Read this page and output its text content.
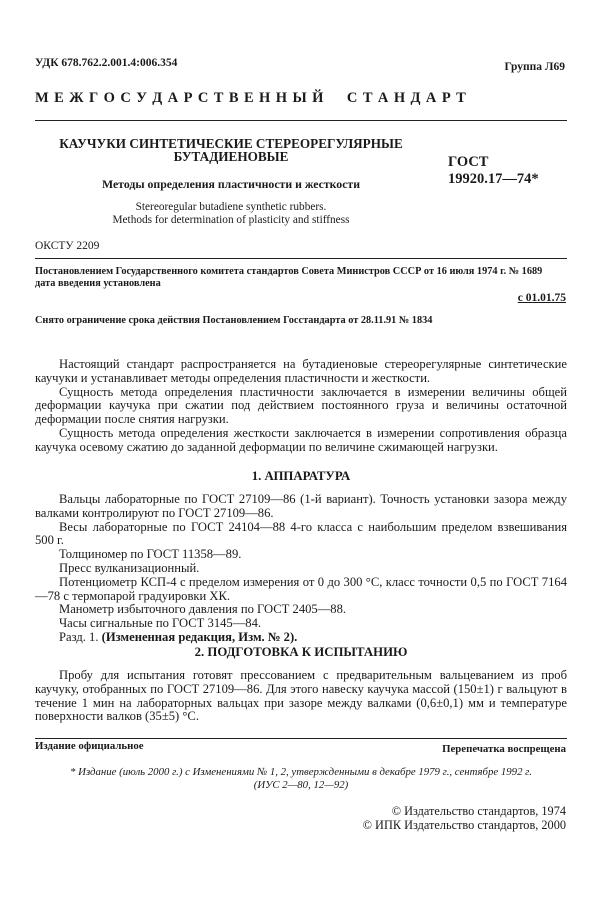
УДК 678.762.2.001.4:006.354	Группа Л69
М Е Ж Г О С У Д А Р С Т В Е Н Н Ы Й     С Т А Н Д А Р Т
КАУЧУКИ СИНТЕТИЧЕСКИЕ СТЕРЕОРЕГУЛЯРНЫЕ
БУТАДИЕНОВЫЕ
Методы определения пластичности и жесткости
Stereoregular butadiene synthetic rubbers.
Methods for determination of plasticity and stiffness
ГОСТ
19920.17—74*
ОКСТУ 2209
Постановлением Государственного комитета стандартов Совета Министров СССР от 16 июля 1974 г. № 1689
дата введения установлена
с 01.01.75
Снято ограничение срока действия Постановлением Госстандарта от 28.11.91 № 1834

Настоящий стандарт распространяется на бутадиеновые стереорегулярные синтетические каучуки и устанавливает методы определения пластичности и жесткости.

Сущность метода определения пластичности заключается в измерении величины общей деформации каучука при сжатии под действием постоянного груза и величины остаточной деформации после снятия нагрузки.

Сущность метода определения жесткости заключается в измерении сопротивления образца каучука осевому сжатию до заданной деформации по величине сжимающей нагрузки.

1. АППАРАТУРА

Вальцы лабораторные по ГОСТ 27109—86 (1-й вариант). Точность установки зазора между валками контролируют по ГОСТ 27109—86.

Весы лабораторные по ГОСТ 24104—88 4-го класса с наибольшим пределом взвешивания 500 г.

Толщиномер по ГОСТ 11358—89.

Пресс вулканизационный.

Потенциометр КСП-4 с пределом измерения от 0 до 300 °С, класс точности 0,5 по ГОСТ 7164—78 с термопарой градуировки ХК.

Манометр избыточного давления по ГОСТ 2405—88.

Часы сигнальные по ГОСТ 3145—84.

Разд. 1. (Измененная редакция, Изм. № 2).

2. ПОДГОТОВКА К ИСПЫТАНИЮ

Пробу для испытания готовят прессованием с предварительным вальцеванием из проб каучуку, отобранных по ГОСТ 27109—86. Для этого навеску каучука массой (150±1) г вальцуют в течение 1 мин на лабораторных вальцах при зазоре между валками (0,6±0,1) мм и температуре поверхности валков (35±5) °С.

Издание официальное	Перепечатка воспрещена
* Издание (июль 2000 г.) с Изменениями № 1, 2, утвержденными в декабре 1979 г., сентябре 1992 г.
(ИУС 2—80, 12—92)
© Издательство стандартов, 1974
© ИПК Издательство стандартов, 2000
